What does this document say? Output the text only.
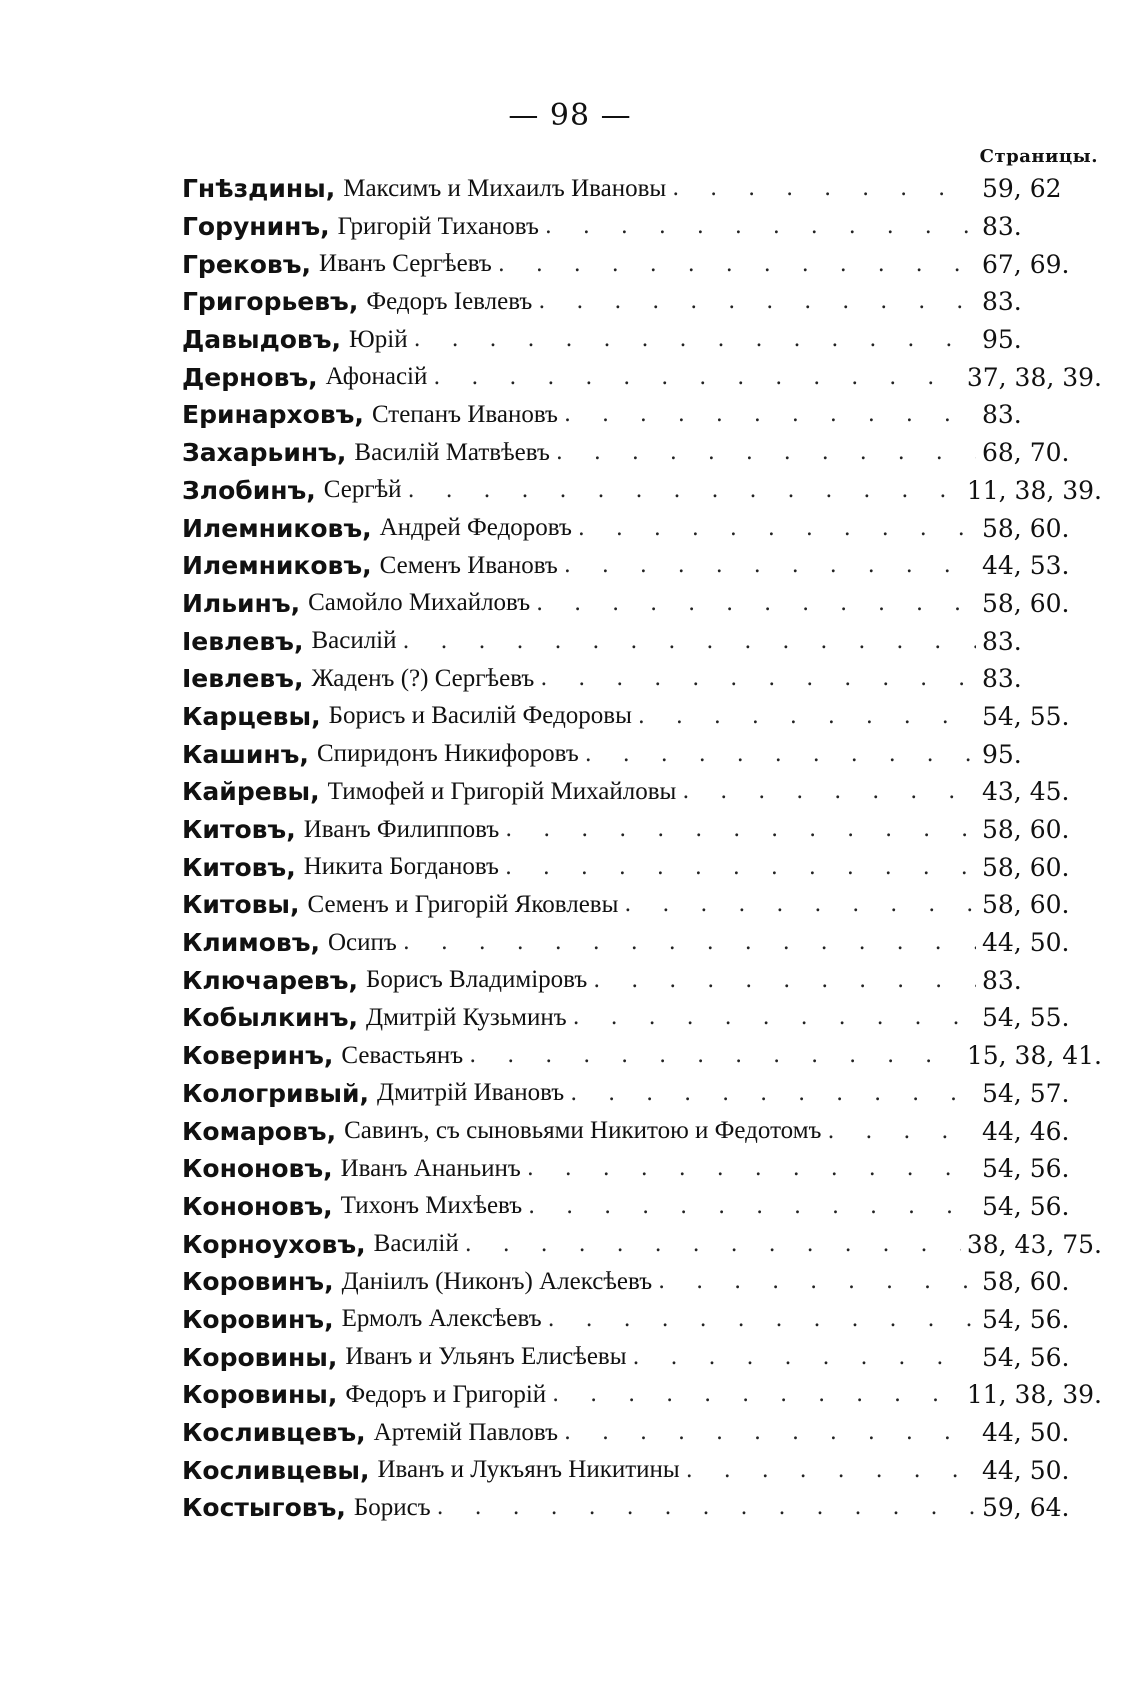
— 98 —
Страницы.
Гнѣздины, Максимъ и Михаилъ Ивановы . . .	59, 62
Горунинъ, Григорій Тихановъ . . .	83.
Грековъ, Иванъ Сергѣевъ . . .	67, 69.
Григорьевъ, Федоръ Іевлевъ . . .	83.
Давыдовъ, Юрій . . .	95.
Дерновъ, Афонасій . . .	37, 38, 39.
Еринарховъ, Степанъ Ивановъ . . .	83.
Захарьинъ, Василій Матвѣевъ . . .	68, 70.
Злобинъ, Сергѣй . . .	11, 38, 39.
Илемниковъ, Андрей Федоровъ . . .	58, 60.
Илемниковъ, Семенъ Ивановъ . . .	44, 53.
Ильинъ, Самойло Михайловъ . . .	58, 60.
Іевлевъ, Василій . . .	83.
Іевлевъ, Жаденъ (?) Сергѣевъ . . .	83.
Карцевы, Борисъ и Василій Федоровы . . .	54, 55.
Кашинъ, Спиридонъ Никифоровъ . . .	95.
Кайревы, Тимофей и Григорій Михайловы . . .	43, 45.
Китовъ, Иванъ Филипповъ . . .	58, 60.
Китовъ, Никита Богдановъ . . .	58, 60.
Китовы, Семенъ и Григорій Яковлевы . . .	58, 60.
Климовъ, Осипъ . . .	44, 50.
Ключаревъ, Борисъ Владиміровъ . . .	83.
Кобылкинъ, Дмитрій Кузьминъ . . .	54, 55.
Коверинъ, Севастьянъ . . .	15, 38, 41.
Кологривый, Дмитрій Ивановъ . . .	54, 57.
Комаровъ, Савинъ, съ сыновьями Никитою и Федотомъ . . .	44, 46.
Кононовъ, Иванъ Ананьинъ . . .	54, 56.
Кононовъ, Тихонъ Михѣевъ . . .	54, 56.
Корноуховъ, Василій . . .	38, 43, 75.
Коровинъ, Даніилъ (Никонъ) Алексѣевъ . . .	58, 60.
Коровинъ, Ермолъ Алексѣевъ . . .	54, 56.
Коровины, Иванъ и Ульянъ Елисѣевы . . .	54, 56.
Коровины, Федоръ и Григорій . . .	11, 38, 39.
Косливцевъ, Артемій Павловъ . . .	44, 50.
Косливцевы, Иванъ и Лукъянъ Никитины . . .	44, 50.
Костыговъ, Борисъ . . .	59, 64.
